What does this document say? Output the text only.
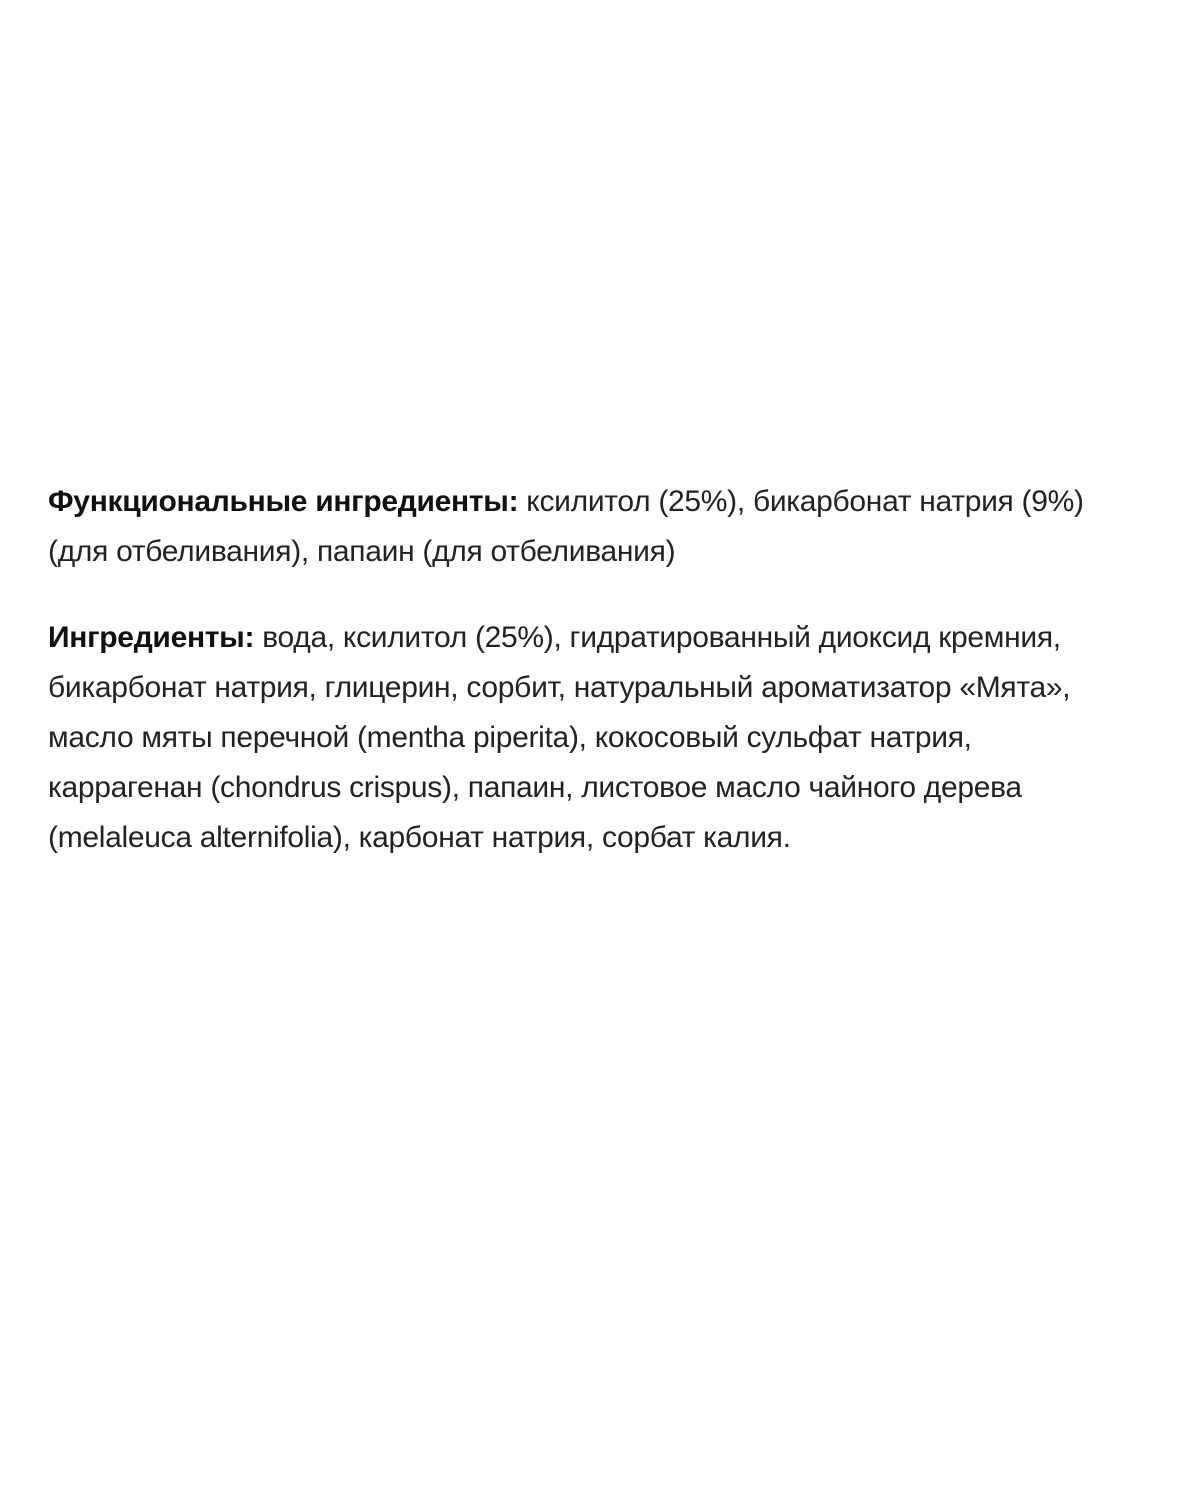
Функциональные ингредиенты: ксилитол (25%), бикарбонат натрия (9%) (для отбеливания), папаин (для отбеливания)

Ингредиенты: вода, ксилитол (25%), гидратированный диоксид кремния, бикарбонат натрия, глицерин, сорбит, натуральный ароматизатор «Мята», масло мяты перечной (mentha piperita), кокосовый сульфат натрия, каррагенан (chondrus crispus), папаин, листовое масло чайного дерева (melaleuca alternifolia), карбонат натрия, сорбат калия.
